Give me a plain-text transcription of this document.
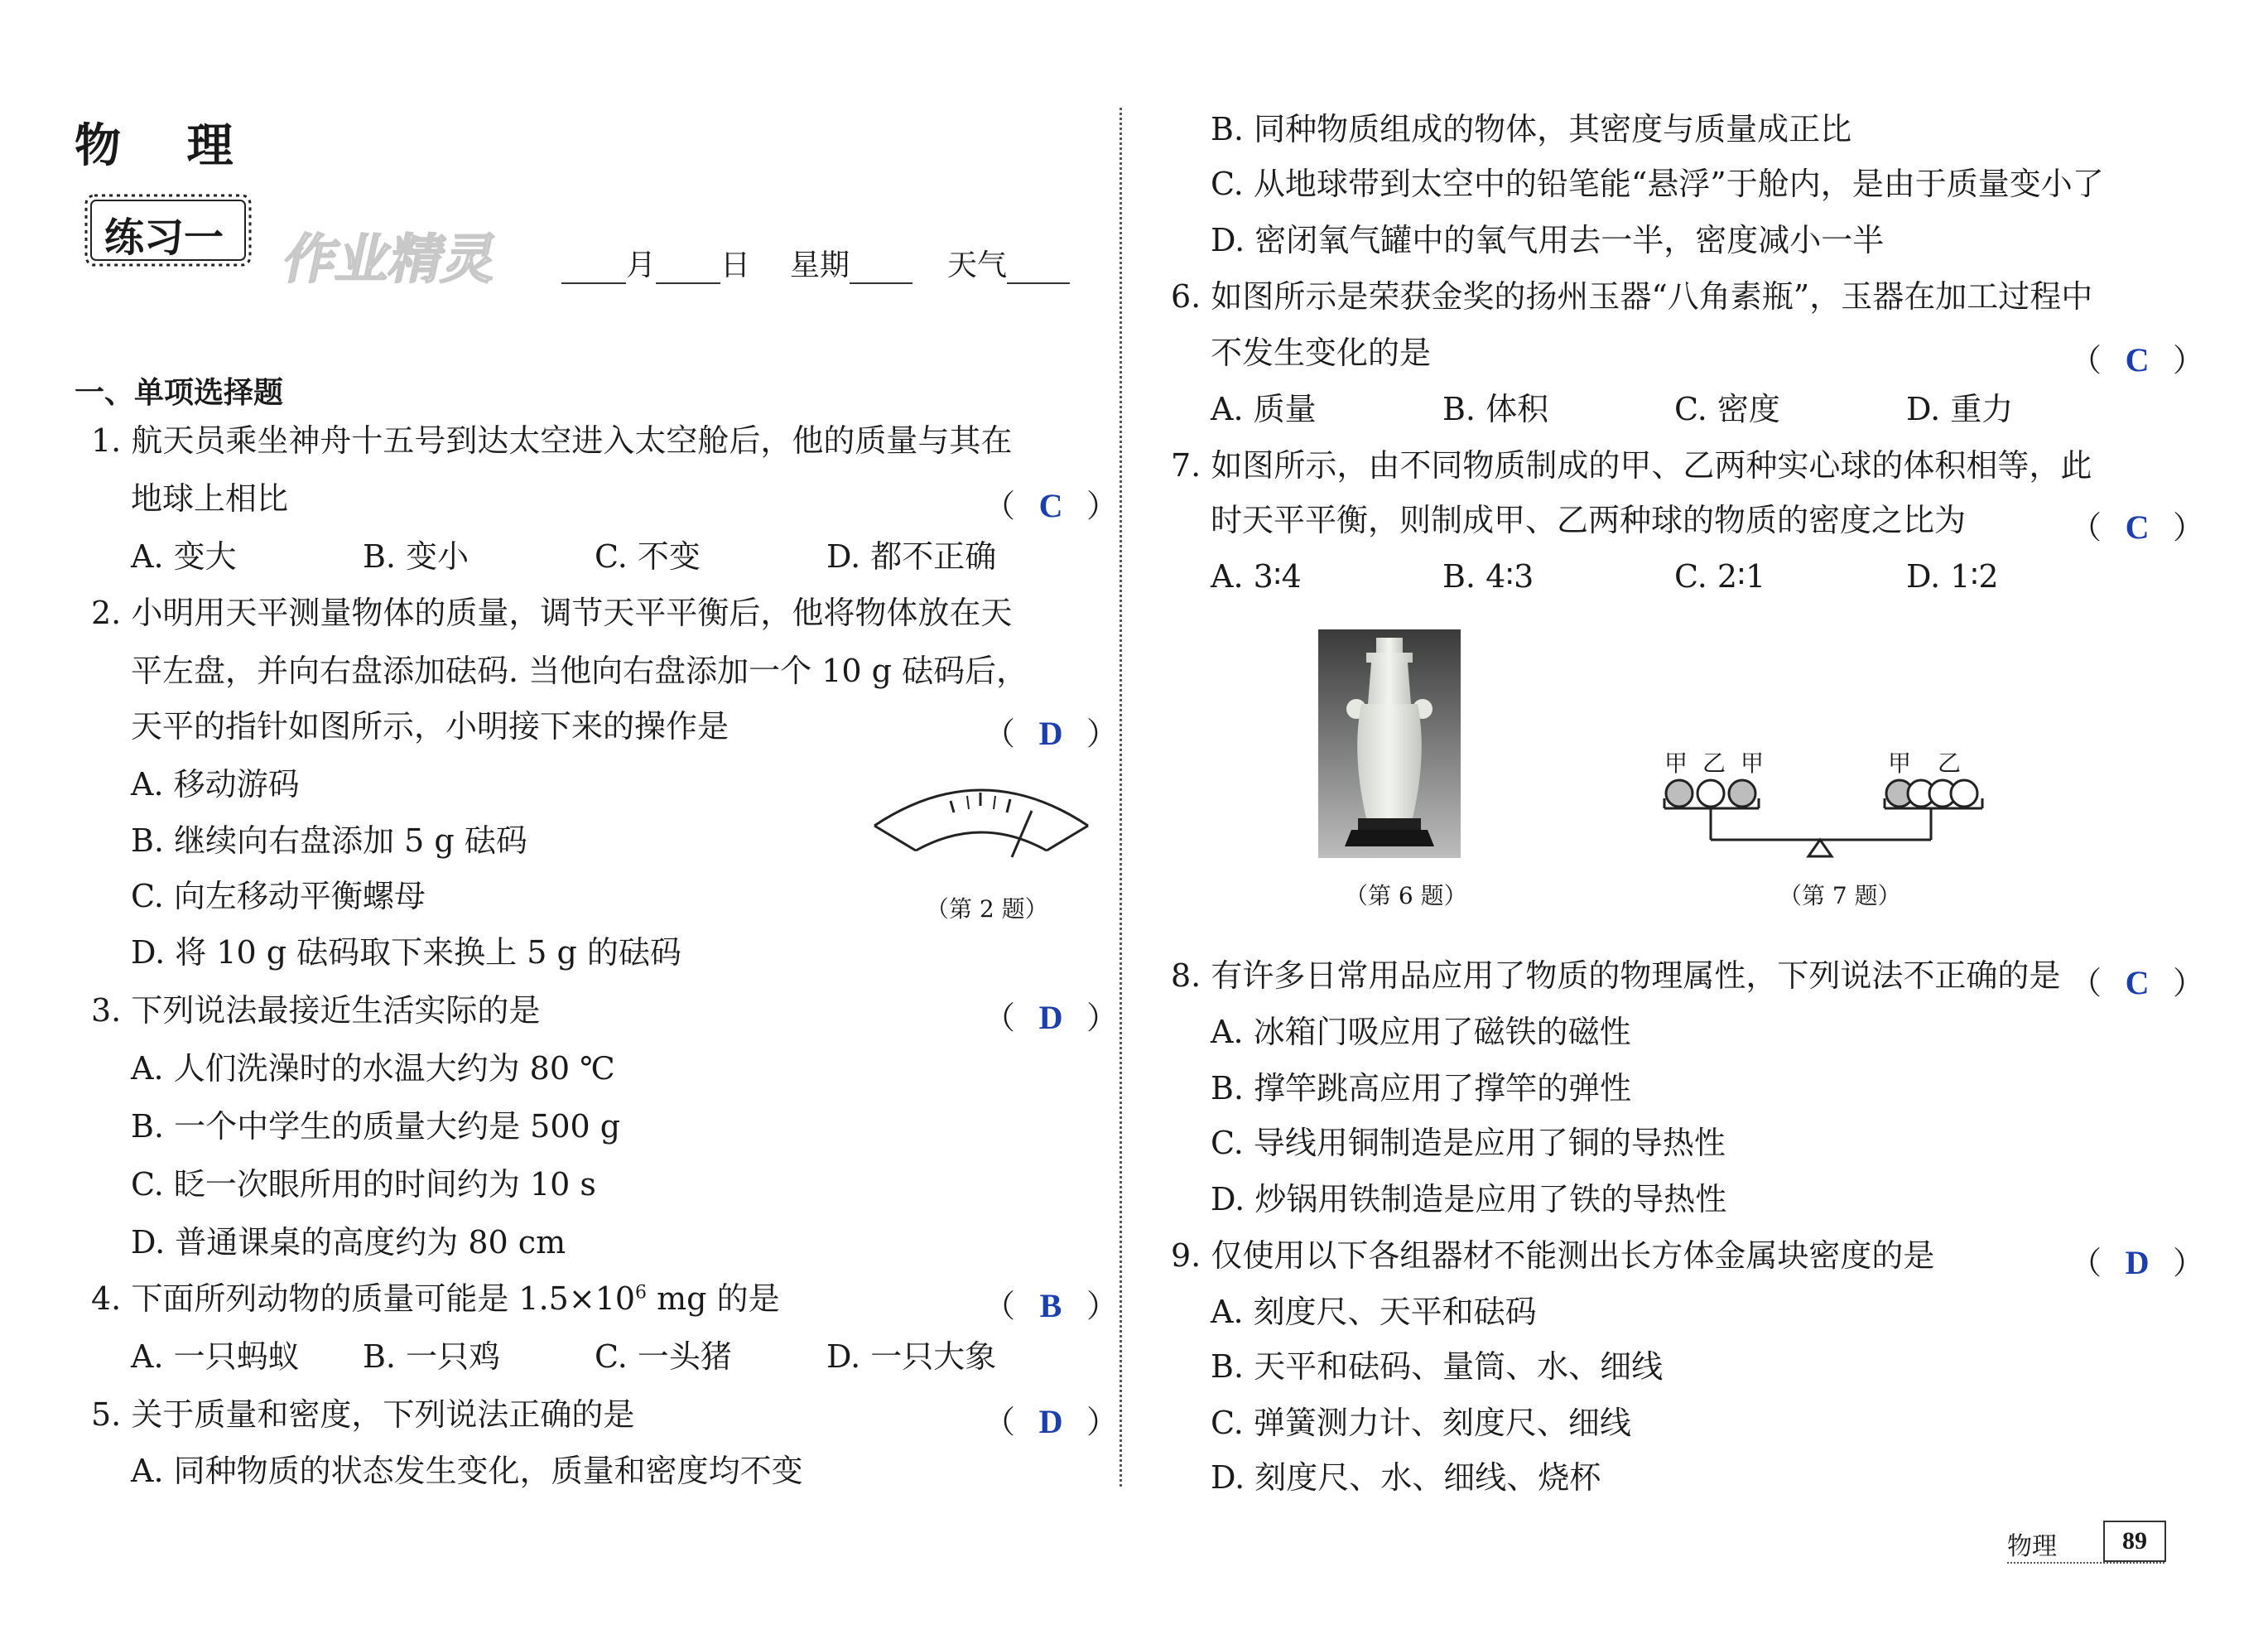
物 理
练习一 作业精灵	月 日 星期	天气
一、单项选择题
1. 航天员乘坐神舟十五号到达太空进入太空舱后，他的质量与其在
地球上相比	（ C ）
A. 变大	B. 变小	C. 不变	D. 都不正确
2. 小明用天平测量物体的质量，调节天平平衡后，他将物体放在天
平左盘，并向右盘添加砝码. 当他向右盘添加一个 10 g 砝码后，
天平的指针如图所示，小明接下来的操作是	（ D ）
A. 移动游码
B. 继续向右盘添加 5 g 砝码
C. 向左移动平衡螺母
D. 将 10 g 砝码取下来换上 5 g 的砝码
（第 2 题）
3. 下列说法最接近生活实际的是	（ D ）
A. 人们洗澡时的水温大约为 80 ℃
B. 一个中学生的质量大约是 500 g
C. 眨一次眼所用的时间约为 10 s
D. 普通课桌的高度约为 80 cm
4. 下面所列动物的质量可能是 $1.5\times 10^6$ mg 的是	（ B ）
A. 一只蚂蚁 B. 一只鸡	C. 一头猪	D. 一只大象
5. 关于质量和密度，下列说法正确的是	（ D ）
A. 同种物质的状态发生变化，质量和密度均不变
B. 同种物质组成的物体，其密度与质量成正比
C. 从地球带到太空中的铅笔能“悬浮”于舱内，是由于质量变小了
D. 密闭氧气罐中的氧气用去一半，密度减小一半
6. 如图所示是荣获金奖的扬州玉器“八角素瓶”，玉器在加工过程中
不发生变化的是	（ C ）
A. 质量	B. 体积	C. 密度	D. 重力
7. 如图所示，由不同物质制成的甲、乙两种实心球的体积相等，此
时天平平衡，则制成甲、乙两种球的物质的密度之比为	（ C ）
A. 3∶4	B. 4∶3	C. 2∶1	D. 1∶2
（第 6 题）
甲 乙 甲	甲 乙
（第 7 题）
8. 有许多日常用品应用了物质的物理属性，下列说法不正确的是 （ C ）
A. 冰箱门吸应用了磁铁的磁性
B. 撑竿跳高应用了撑竿的弹性
C. 导线用铜制造是应用了铜的导热性
D. 炒锅用铁制造是应用了铁的导热性
9. 仅使用以下各组器材不能测出长方体金属块密度的是	（ D ）
A. 刻度尺、天平和砝码
B. 天平和砝码、量筒、水、细线
C. 弹簧测力计、刻度尺、细线
D. 刻度尺、水、细线、烧杯
物理	89
